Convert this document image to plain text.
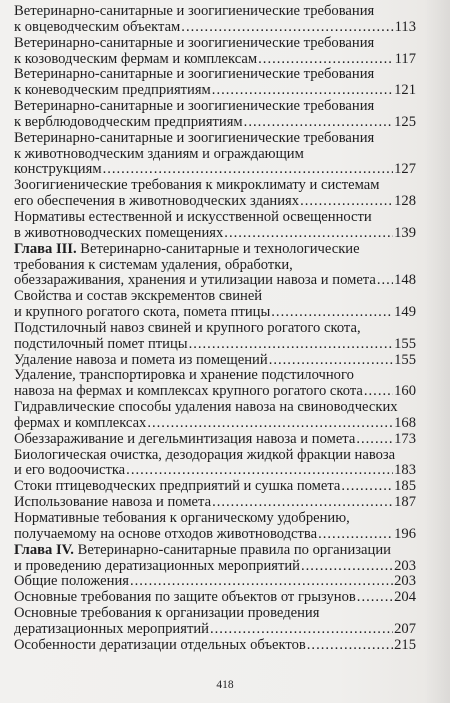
Ветеринарно-санитарные и зоогигиенические требования
к овцеводческим объектам .....	113
Ветеринарно-санитарные и зоогигиенические требования
к козоводческим фермам и комплексам .....	117
Ветеринарно-санитарные и зоогигиенические требования
к коневодческим предприятиям .....	121
Ветеринарно-санитарные и зоогигиенические требования
к верблюдоводческим предприятиям .....	125
Ветеринарно-санитарные и зоогигиенические требования
к животноводческим зданиям и ограждающим
конструкциям .....	127
Зоогигиенические требования к микроклимату и системам
его обеспечения в животноводческих зданиях .....	128
Нормативы естественной и искусственной освещенности
в животноводческих помещениях .....	139
Глава III. Ветеринарно-санитарные и технологические
требования к системам удаления, обработки,
обеззараживания, хранения и утилизации навоза и помета ..... 148
Свойства и состав экскрементов свиней
и крупного рогатого скота, помета птицы .....	149
Подстилочный навоз свиней и крупного рогатого скота,
подстилочный помет птицы .....	155
Удаление навоза и помета из помещений .....	155
Удаление, транспортировка и хранение подстилочного
навоза на фермах и комплексах крупного рогатого скота ..... 160
Гидравлические способы удаления навоза на свиноводческих
фермах и комплексах .....	168
Обеззараживание и дегельминтизация навоза и помета .....	173
Биологическая очистка, дезодорация жидкой фракции навоза
и его водоочистка .....	183
Стоки птицеводческих предприятий и сушка помета .....	185
Использование навоза и помета .....	187
Нормативные тебования к органическому удобрению,
получаемому на основе отходов животноводства .....	196
Глава IV. Ветеринарно-санитарные правила по организации
и проведению дератизационных мероприятий .....	203
Общие положения .....	203
Основные требования по защите объектов от грызунов .....	204
Основные требования к организации проведения
дератизационных мероприятий .....	207
Особенности дератизации отдельных объектов .....	215
418
